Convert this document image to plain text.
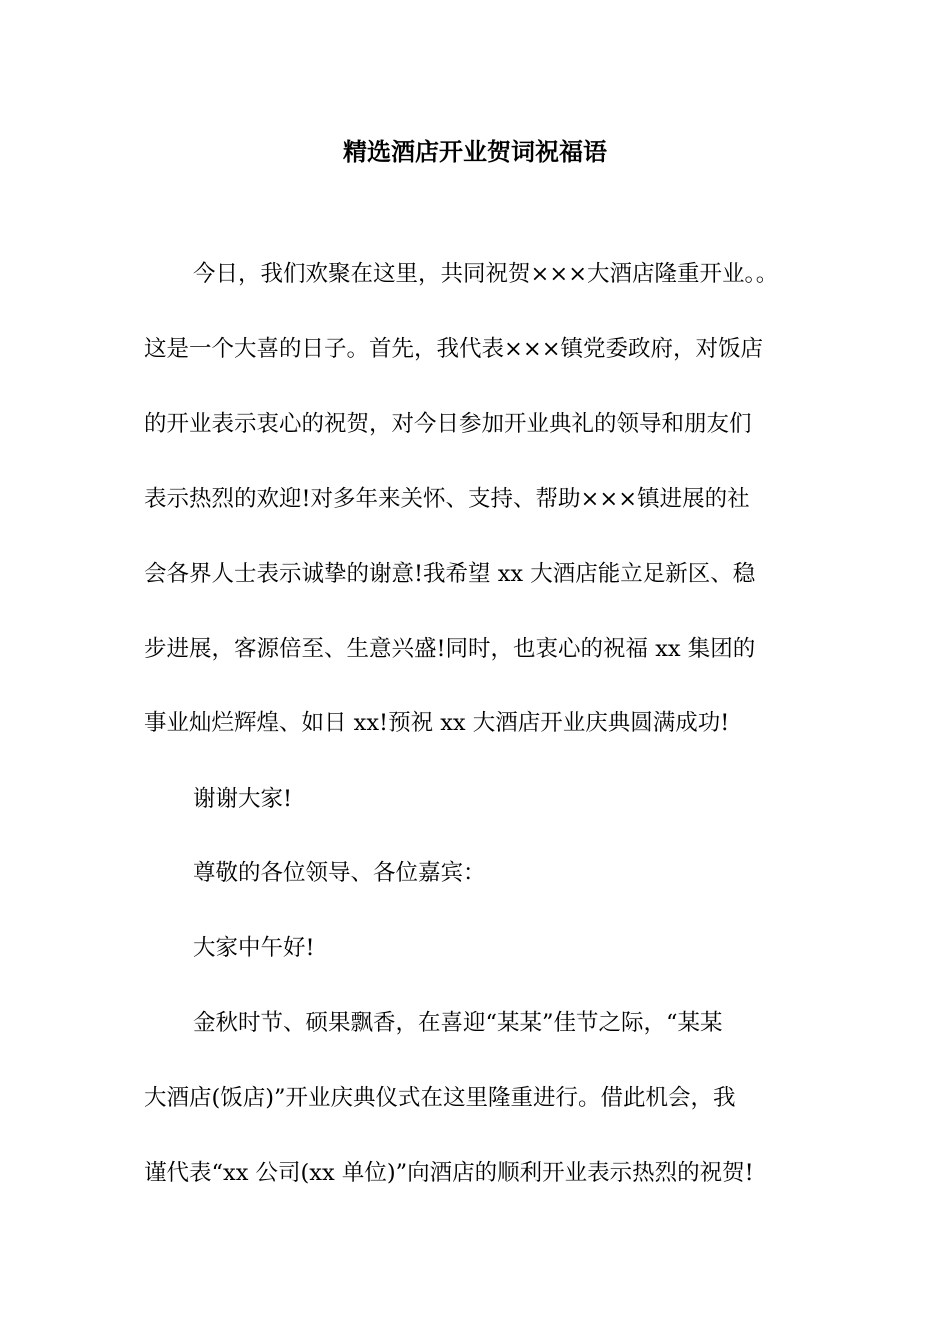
精选酒店开业贺词祝福语
今日，我们欢聚在这里，共同祝贺×××大酒店隆重开业。。
这是一个大喜的日子。首先，我代表×××镇党委政府，对饭店
的开业表示衷心的祝贺，对今日参加开业典礼的领导和朋友们
表示热烈的欢迎!对多年来关怀、支持、帮助×××镇进展的社
会各界人士表示诚挚的谢意!我希望 xx 大酒店能立足新区、稳
步进展，客源倍至、生意兴盛!同时，也衷心的祝福 xx 集团的
事业灿烂辉煌、如日 xx!预祝 xx 大酒店开业庆典圆满成功!
谢谢大家!
尊敬的各位领导、各位嘉宾：
大家中午好!
金秋时节、硕果飘香，在喜迎“某某”佳节之际，“某某
大酒店(饭店)”开业庆典仪式在这里隆重进行。借此机会，我
谨代表“xx 公司(xx 单位)”向酒店的顺利开业表示热烈的祝贺!
